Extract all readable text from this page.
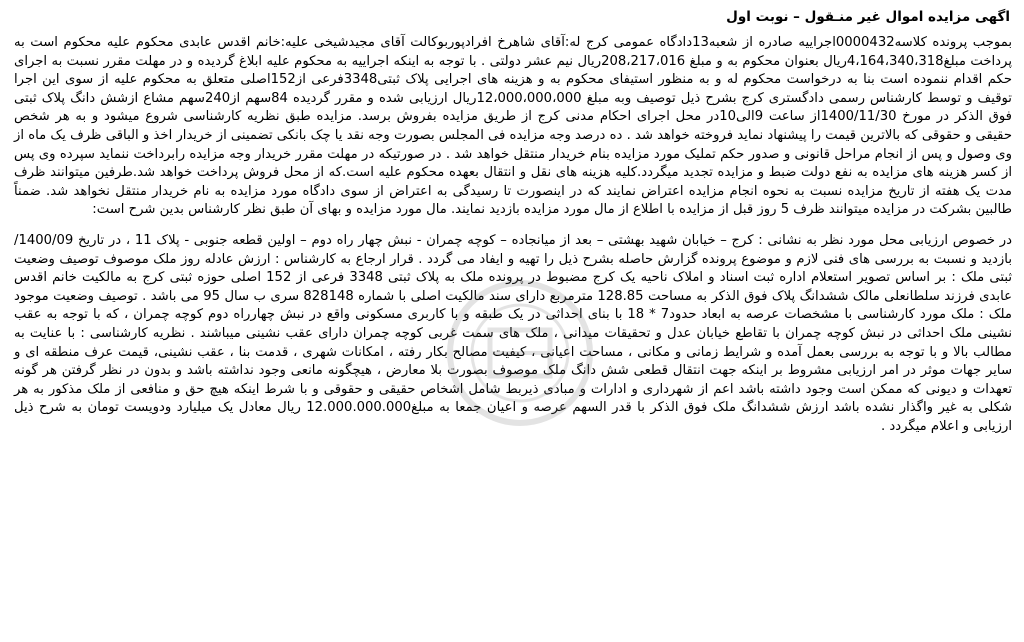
اگهی مزایده اموال غیر منـقول – نوبت اول

بموجب پرونده کلاسه0000432اجراییه صادره از شعبه13دادگاه عمومی کرج له:آقای شاهرخ افرادپوربوکالت آقای مجیدشیخی علیه:خانم اقدس عابدی محکوم علیه محکوم است به پرداخت مبلغ4،164،340،318ریال بعنوان محکوم به و مبلغ 208،217،016ریال نیم عشر دولتی . با توجه به اینکه اجراییه به محکوم علیه ابلاغ گردیده و در مهلت مقرر نسبت به اجرای حکم اقدام ننموده است بنا به درخواست محکوم له و به منظور استیفای محکوم به و هزینه های اجرایی پلاک ثبتی3348فرعی از152اصلی متعلق به محکوم علیه از سوی این اجرا توقیف و توسط کارشناس رسمی دادگستری کرج بشرح ذیل توصیف وبه مبلغ 12،000،000،000ریال ارزیابی شده و مقرر گردیده 84سهم از240سهم مشاع ازشش دانگ پلاک ثبتی فوق الذکر در مورخ 1400/11/30از ساعت 9الی10در محل اجرای احکام مدنی کرج از طریق مزایده بفروش برسد. مزایده طبق نظریه کارشناسی شروع میشود و به هر شخص حقیقی و حقوقی که بالاترین قیمت را پیشنهاد نماید فروخته خواهد شد . ده درصد وجه مزایده فی المجلس بصورت وجه نقد یا چک بانکی تضمینی از خریدار اخذ و الباقی ظرف یک ماه از وی وصول و پس از انجام مراحل قانونی و صدور حکم تملیک مورد مزایده بنام خریدار منتقل خواهد شد . در صورتیکه در مهلت مقرر خریدار وجه مزایده رابرداخت ننماید سپرده وی پس از کسر هزینه های مزایده به نفع دولت ضبط و مزایده تجدید میگردد.کلیه هزینه های نقل و انتقال بعهده محکوم علیه است.که از محل فروش پرداخت خواهد شد.طرفین میتوانند ظرف مدت یک هفته از تاریخ مزایده نسبت به نحوه انجام مزایده اعتراض نمایند که در اینصورت تا رسیدگی به اعتراض از سوی دادگاه مورد مزایده به نام خریدار منتقل نخواهد شد. ضمناً طالبین بشرکت در مزایده میتوانند ظرف 5 روز قبل از مزایده با اطلاع از مال مورد مزایده بازدید نمایند. مال مورد مزایده و بهای آن طبق نظر کارشناس بدین شرح است:

در خصوص ارزیابی محل مورد نظر به نشانی : کرج – خیابان شهید بهشتی – بعد از میانجاده – کوچه چمران - نبش چهار راه دوم – اولین قطعه جنوبی - پلاک 11 ، در تاریخ 1400/09/ بازدید و نسبت به بررسی های فنی لازم و موضوع پرونده گزارش حاصله بشرح ذیل را تهیه و ایفاد می گردد . قرار ارجاع به کارشناس : ارزش عادله روز ملک موصوف توصیف وضعیت ثبتی ملک : بر اساس تصویر استعلام اداره ثبت اسناد و املاک ناحیه یک کرج مضبوط در پرونده ملک به پلاک ثبتی 3348 فرعی از 152 اصلی حوزه ثبتی کرج به مالکیت خانم اقدس عابدی فرزند سلطانعلی مالک ششدانگ پلاک فوق الذکر به مساحت 128.85 مترمربع دارای سند مالکیت اصلی با شماره 828148 سری ب سال 95 می باشد . توصیف وضعیت موجود ملک : ملک مورد کارشناسی با مشخصات عرصه به ابعاد حدود7 * 18 با بنای احداثی در یک طبقه و با کاربری مسکونی واقع در نبش چهارراه دوم کوچه چمران ، که با توجه به عقب نشینی ملک احداثی در نبش کوچه چمران با تقاطع خیابان عدل و تحقیقات میدانی ، ملک های سمت غربی کوچه چمران دارای عقب نشینی میباشند . نظریه کارشناسی : با عنایت به مطالب بالا و با توجه به بررسی بعمل آمده و شرایط زمانی و مکانی ، مساحت اعیانی ، کیفیت مصالح بکار رفته ، امکانات شهری ، قدمت بنا ، عقب نشینی، قیمت عرف منطقه ای و سایر جهات موثر در امر ارزیابی مشروط بر اینکه جهت انتقال قطعی شش دانگ ملک موصوف بصورت بلا معارض ، هیچگونه مانعی وجود نداشته باشد و بدون در نظر گرفتن هر گونه تعهدات و دیونی که ممکن است وجود داشته باشد اعم از شهرداری و ادارات و مبادی ذیربط شامل اشخاص حقیقی و حقوقی و با شرط اینکه هیچ حق و منافعی از ملک مذکور به هر شکلی به غیر واگذار نشده باشد ارزش ششدانگ ملک فوق الذکر با قدر السهم عرصه و اعیان جمعا به مبلغ12.000.000.000 ریال معادل یک میلیارد ودویست تومان به شرح ذیل ارزیابی و اعلام میگردد .
